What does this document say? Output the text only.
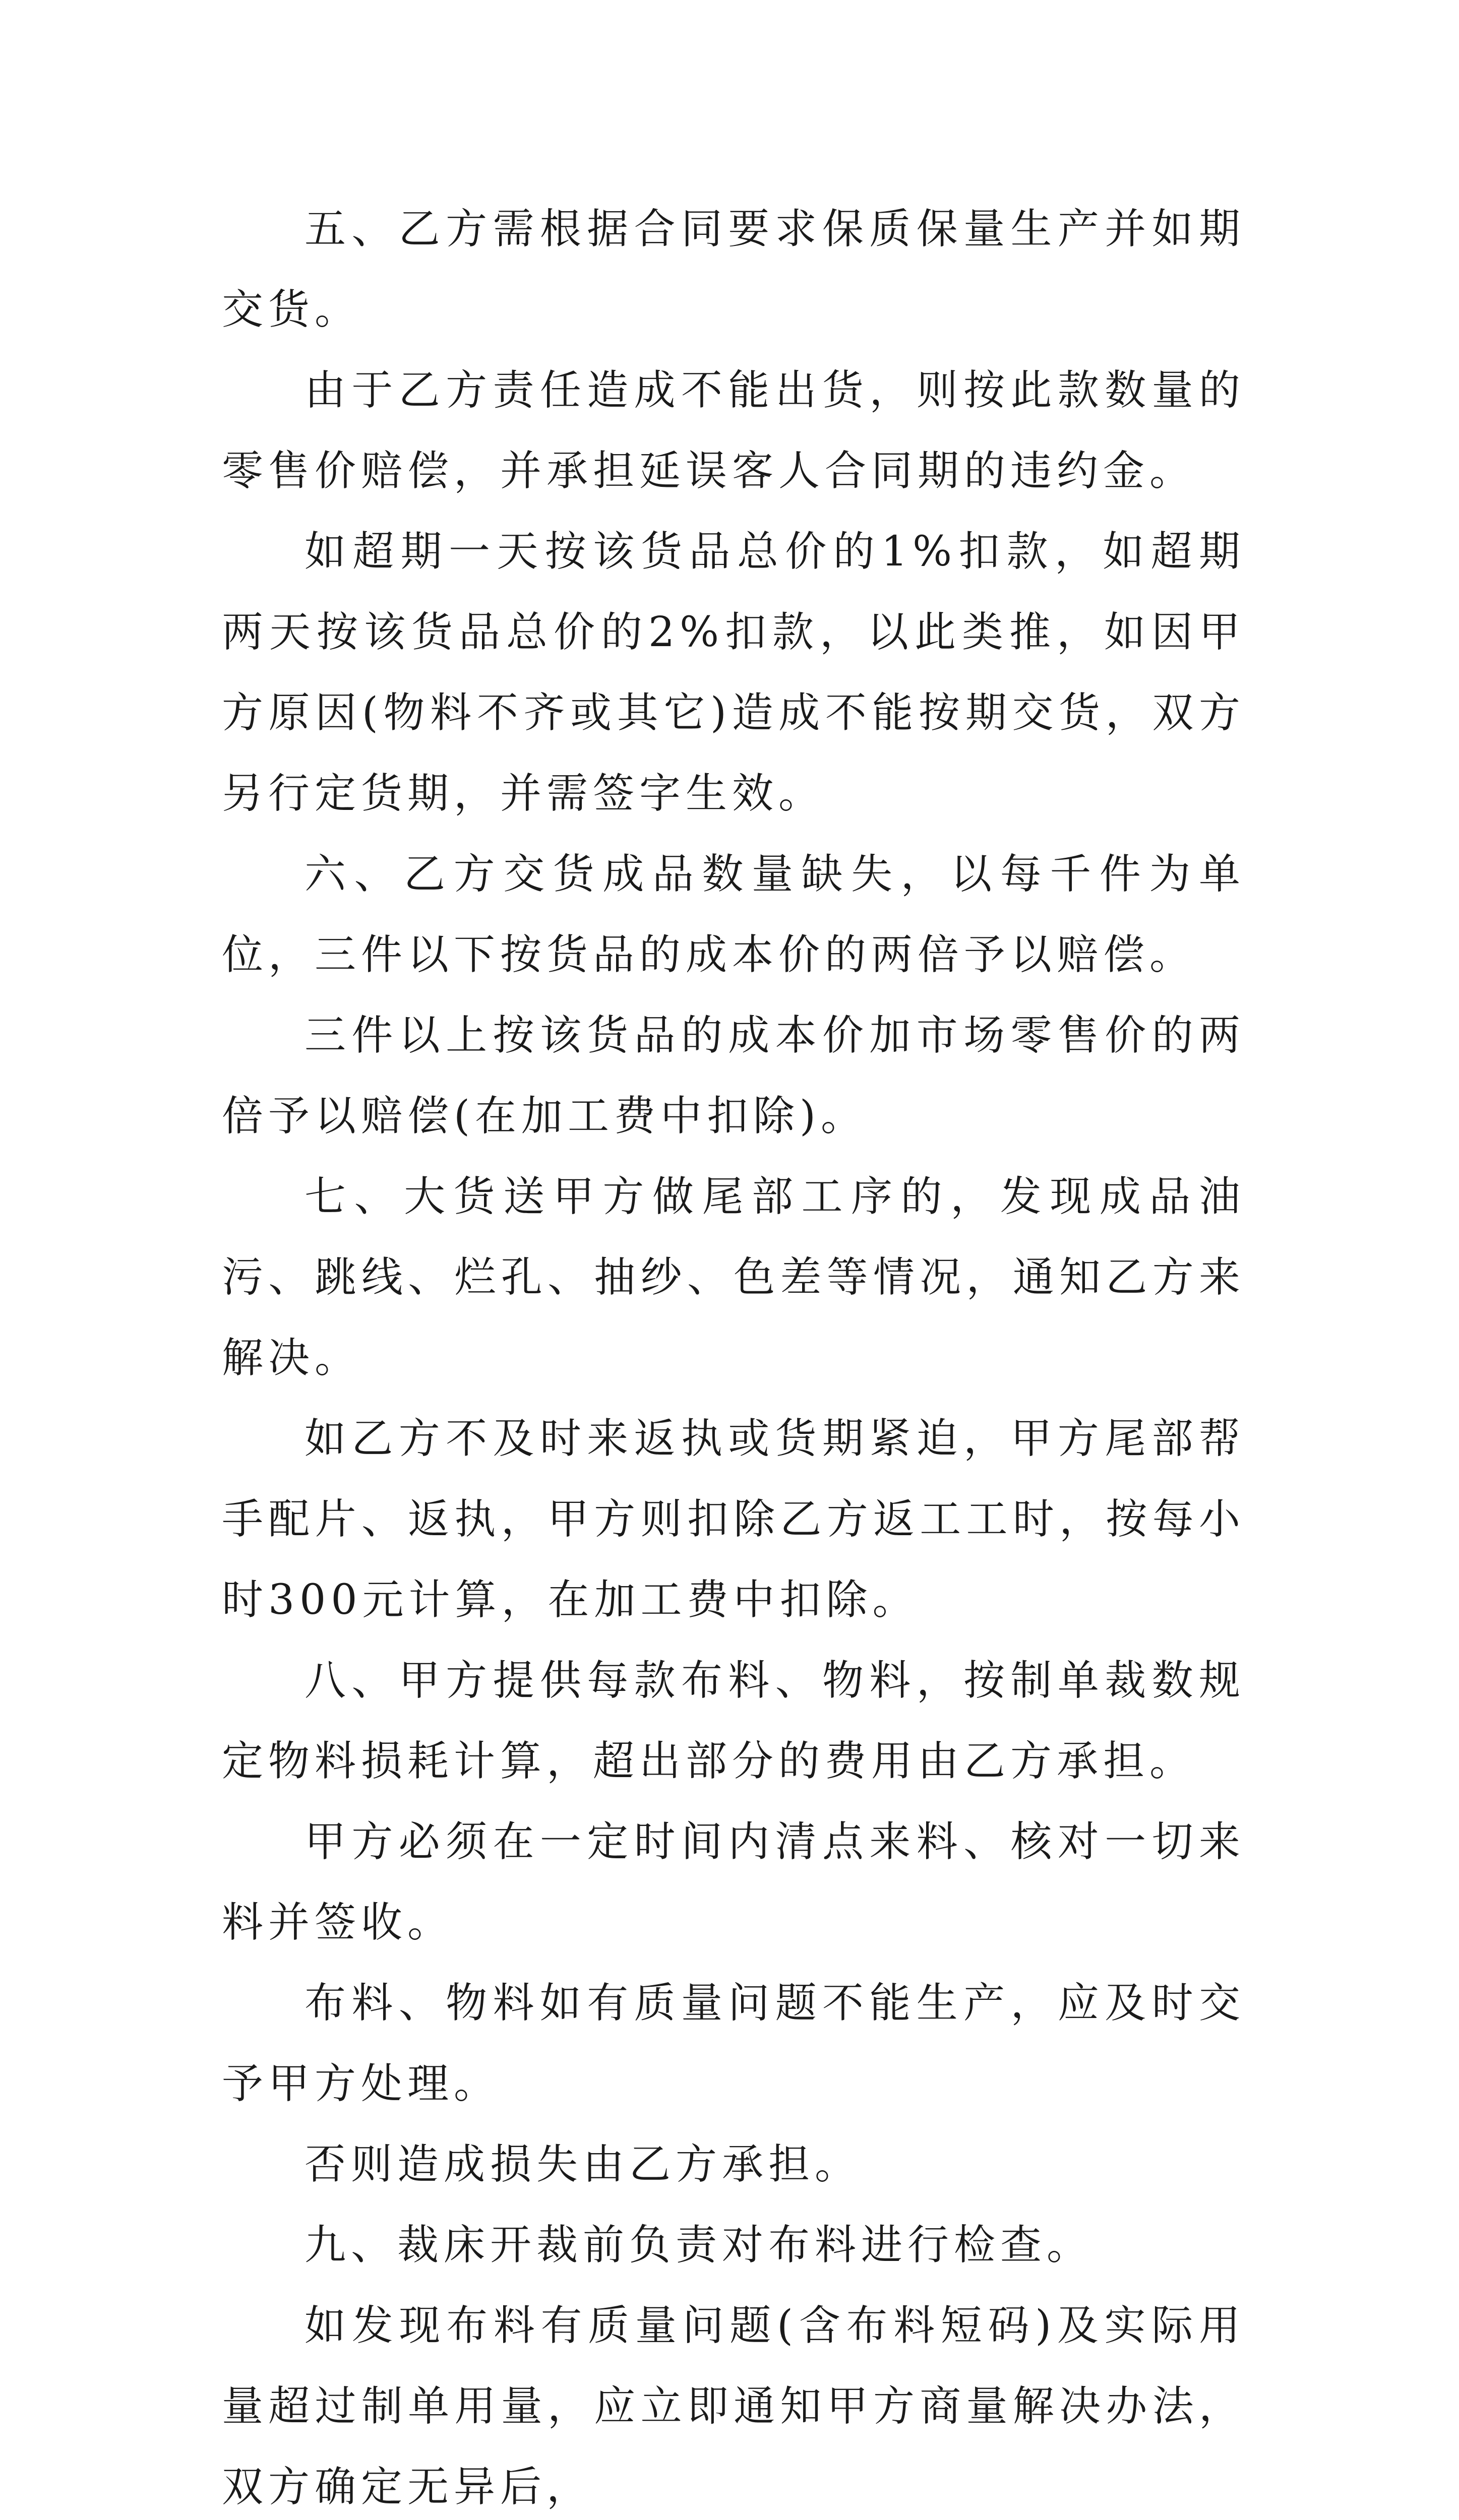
五、乙方需根据合同要求保质保量生产并如期交货。

由于乙方责任造成不能出货，则按此款数量的零售价赔偿，并承担延误客人合同期的违约金。

如超期一天按该货品总价的1%扣款，如超期两天按该货品总价的2%扣款，以此类推，如因甲方原因(物料不齐或其它)造成不能按期交货，双方另行定货期，并需签字生效。

六、乙方交货成品数量缺失，以每千件为单位，三件以下按货品的成本价的两倍予以赔偿。

三件以上按该货品的成本价加市场零售价的两倍予以赔偿(在加工费中扣除)。

七、大货送甲方做尾部工序的，发现成品油污、跳线、烂孔、抽纱、色差等情况，通知乙方来解决。

如乙方不及时来返执或货期紧迫，甲方尾部帮手配片、返执，甲方则扣除乙方返工工时，按每小时300元计算，在加工费中扣除。

八、甲方提供每款布料、物料，按制单裁数规定物料损耗计算，超出部分的费用由乙方承担。

甲方必须在一定时间内清点来料、核对一切来料并签收。

布料、物料如有质量问题不能生产，应及时交予甲方处理。

否则造成损失由乙方承担。

九、裁床开裁前负责对布料进行检查。

如发现布料有质量问题(含布料短码)及实际用量超过制单用量，应立即通知甲方商量解决办法，双方确定无异后，
